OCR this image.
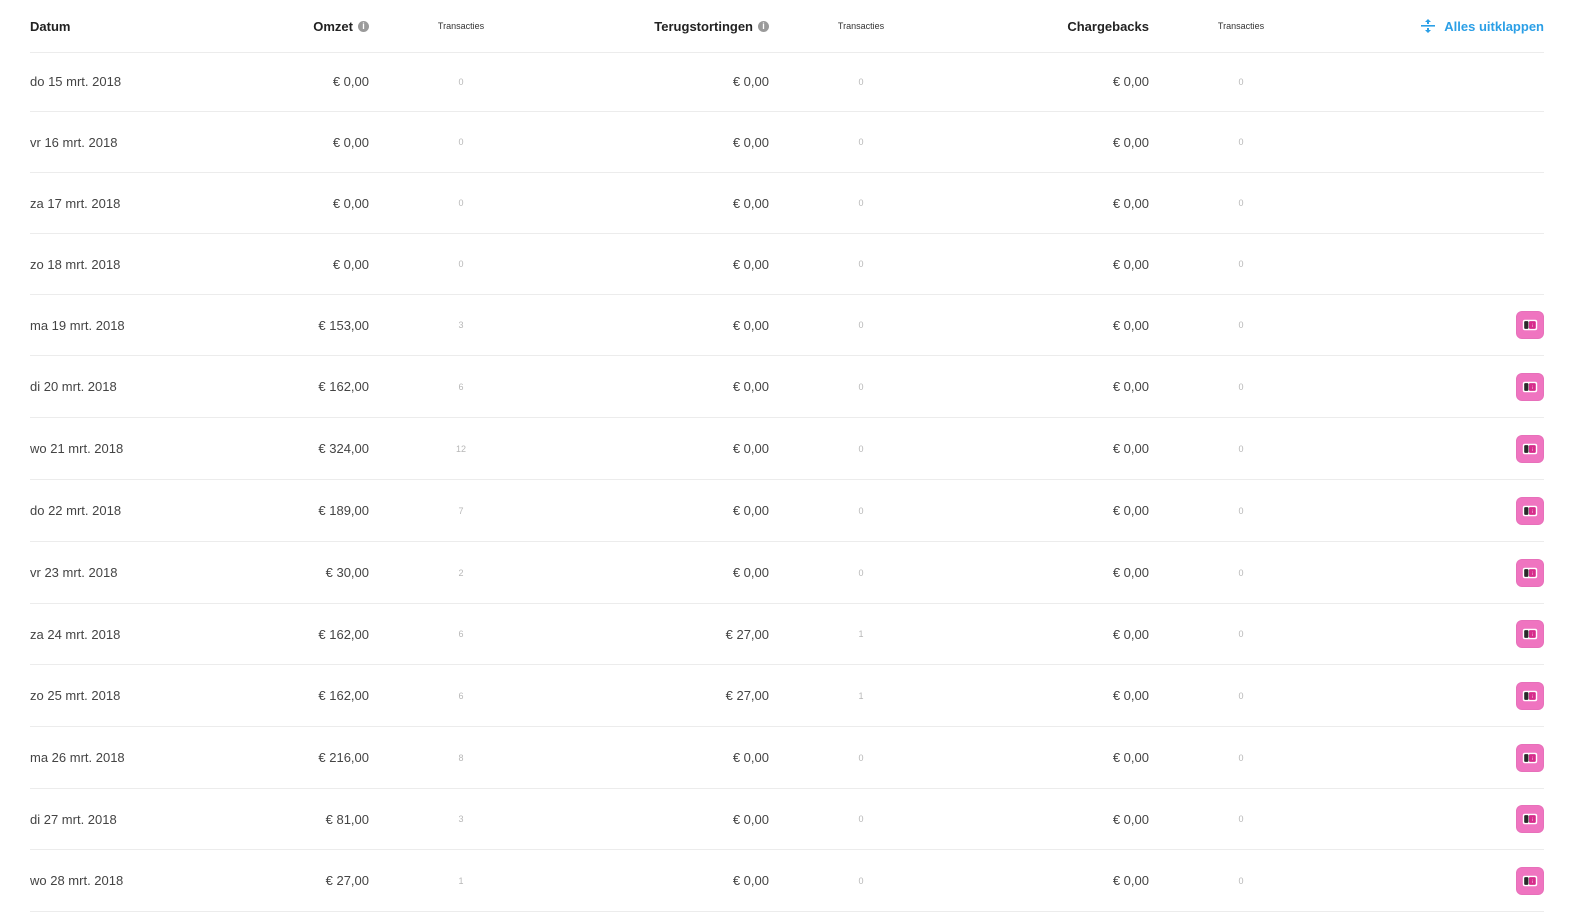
Datum	Omzet	i	Transacties	Terugstortingen	i	Transacties	Chargebacks	Transacties	Alles uitklappen
do 15 mrt. 2018	€ 0,00	0	€ 0,00	0	€ 0,00	0
vr 16 mrt. 2018	€ 0,00	0	€ 0,00	0	€ 0,00	0
za 17 mrt. 2018	€ 0,00	0	€ 0,00	0	€ 0,00	0
zo 18 mrt. 2018	€ 0,00	0	€ 0,00	0	€ 0,00	0
ma 19 mrt. 2018	€ 153,00	3	€ 0,00	0	€ 0,00	0	i
di 20 mrt. 2018	€ 162,00	6	€ 0,00	0	€ 0,00	0	i
wo 21 mrt. 2018	€ 324,00	12	€ 0,00	0	€ 0,00	0	i
do 22 mrt. 2018	€ 189,00	7	€ 0,00	0	€ 0,00	0	i
vr 23 mrt. 2018	€ 30,00	2	€ 0,00	0	€ 0,00	0	i
za 24 mrt. 2018	€ 162,00	6	€ 27,00	1	€ 0,00	0	i
zo 25 mrt. 2018	€ 162,00	6	€ 27,00	1	€ 0,00	0	i
ma 26 mrt. 2018	€ 216,00	8	€ 0,00	0	€ 0,00	0	i
di 27 mrt. 2018	€ 81,00	3	€ 0,00	0	€ 0,00	0	i
wo 28 mrt. 2018	€ 27,00	1	€ 0,00	0	€ 0,00	0	i
